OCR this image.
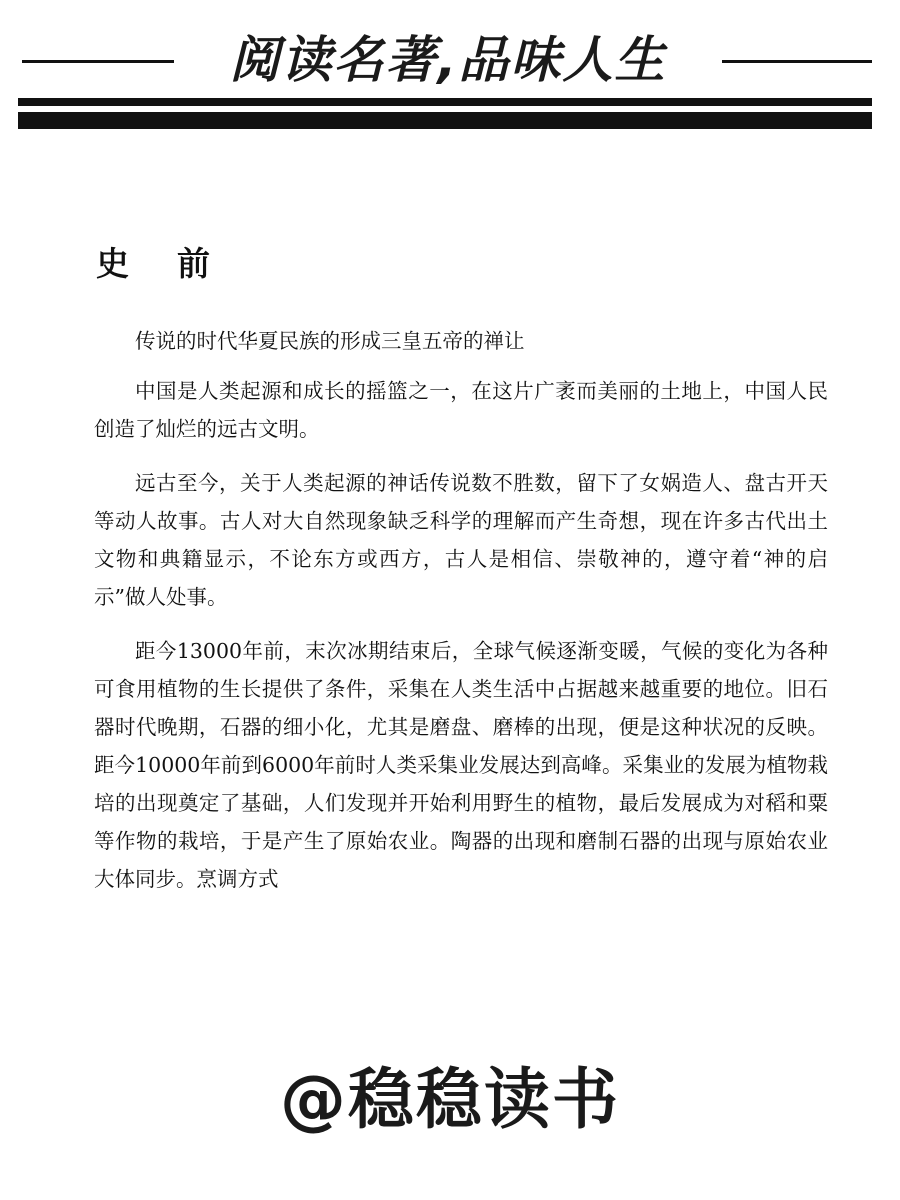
阅读名著,品味人生
史前

传说的时代华夏民族的形成三皇五帝的禅让

中国是人类起源和成长的摇篮之一，在这片广袤而美丽的土地上，中国人民创造了灿烂的远古文明。

远古至今，关于人类起源的神话传说数不胜数，留下了女娲造人、盘古开天等动人故事。古人对大自然现象缺乏科学的理解而产生奇想，现在许多古代出土文物和典籍显示，不论东方或西方，古人是相信、崇敬神的，遵守着“神的启示”做人处事。

距今13000年前，末次冰期结束后，全球气候逐渐变暖，气候的变化为各种可食用植物的生长提供了条件，采集在人类生活中占据越来越重要的地位。旧石器时代晚期，石器的细小化，尤其是磨盘、磨棒的出现，便是这种状况的反映。距今10000年前到6000年前时人类采集业发展达到高峰。采集业的发展为植物栽培的出现奠定了基础，人们发现并开始利用野生的植物，最后发展成为对稻和粟等作物的栽培，于是产生了原始农业。陶器的出现和磨制石器的出现与原始农业大体同步。烹调方式

@稳稳读书
